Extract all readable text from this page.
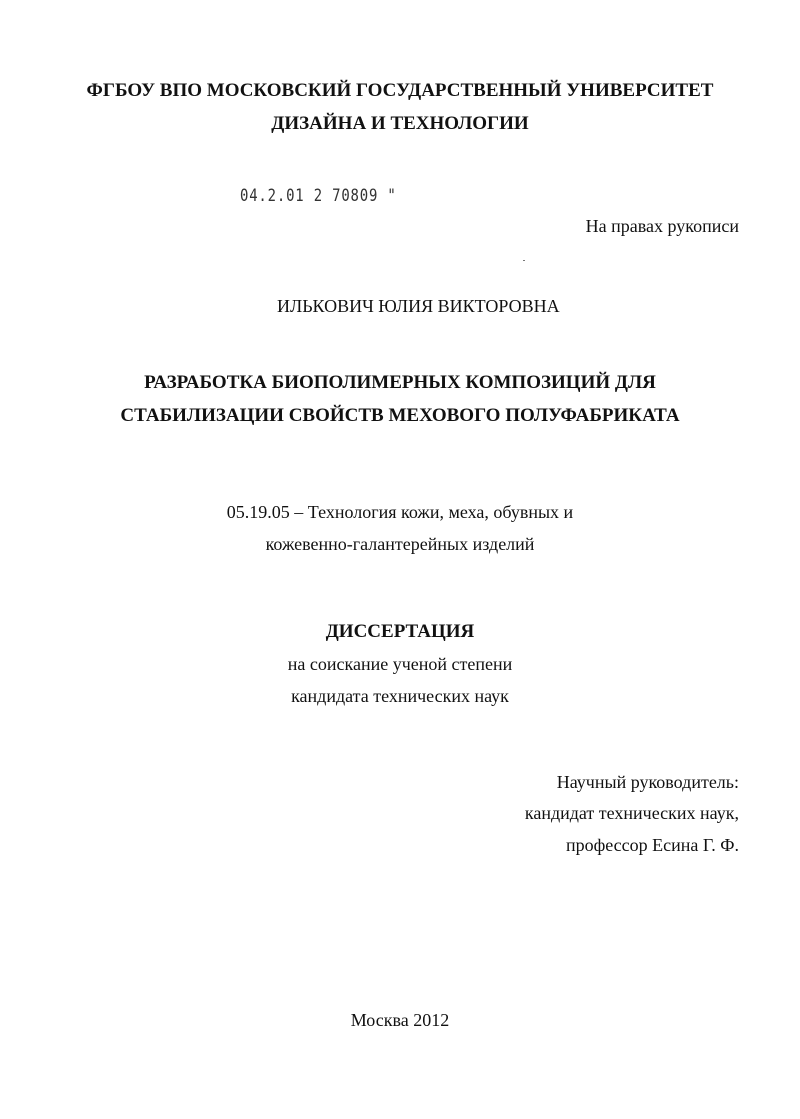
ФГБОУ ВПО МОСКОВСКИЙ ГОСУДАРСТВЕННЫЙ УНИВЕРСИТЕТ
ДИЗАЙНА И ТЕХНОЛОГИИ
04.2.01 2 70809 "
На правах рукописи
ИЛЬКОВИЧ ЮЛИЯ ВИКТОРОВНА
РАЗРАБОТКА БИОПОЛИМЕРНЫХ КОМПОЗИЦИЙ ДЛЯ
СТАБИЛИЗАЦИИ СВОЙСТВ МЕХОВОГО ПОЛУФАБРИКАТА
05.19.05 – Технология кожи, меха, обувных и
кожевенно-галантерейных изделий
ДИССЕРТАЦИЯ
на соискание ученой степени
кандидата технических наук
Научный руководитель:
кандидат технических наук,
профессор Есина Г. Ф.
Москва 2012
